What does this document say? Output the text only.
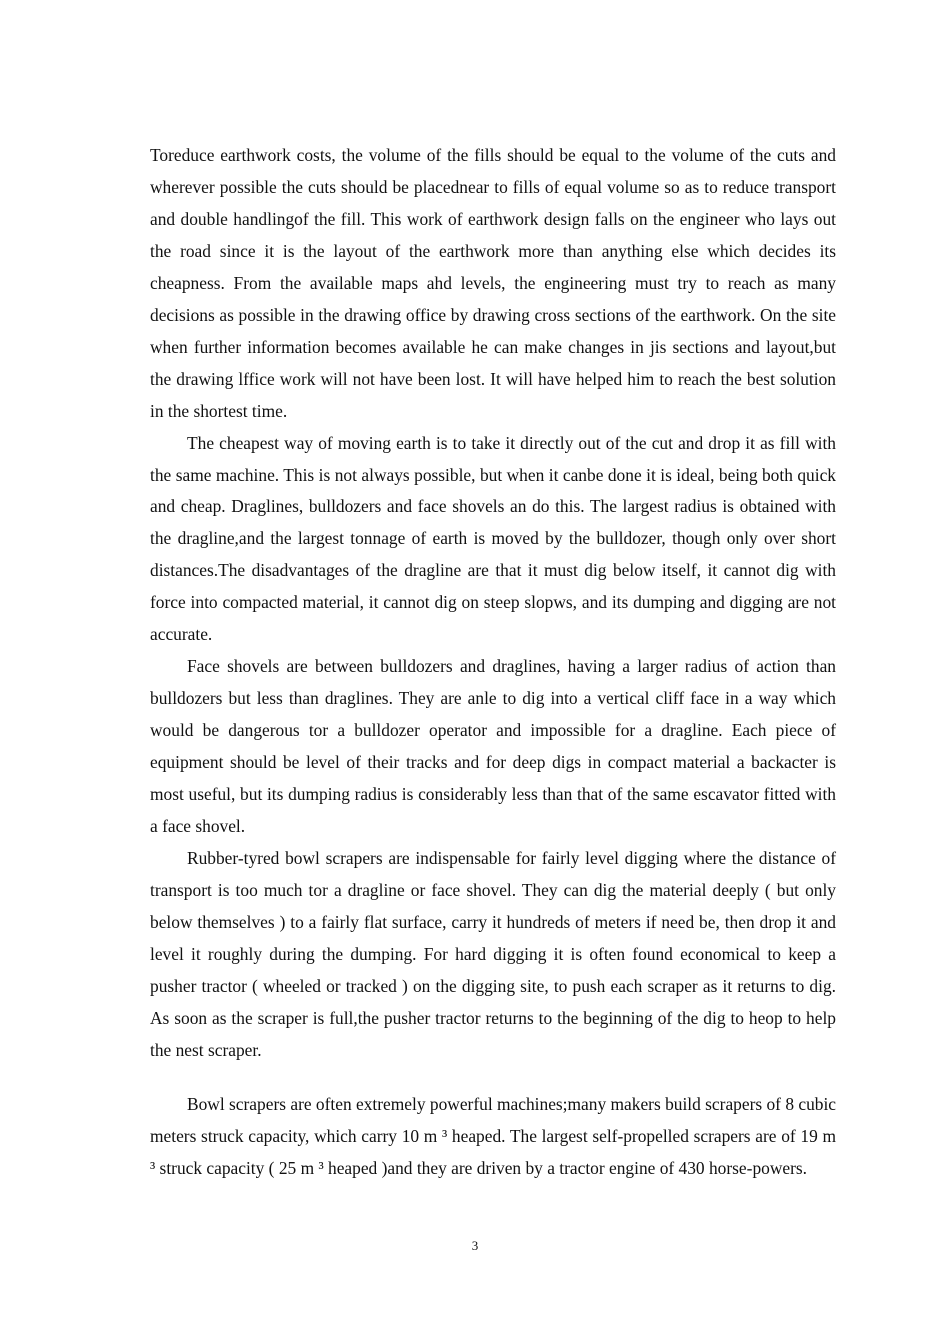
Toreduce earthwork costs, the volume of the fills should be equal to the volume of the cuts and wherever possible the cuts should be placednear to fills of equal volume so as to reduce transport and double handlingof the fill. This work of earthwork design falls on the engineer who lays out the road since it is the layout of the earthwork more than anything else which decides its cheapness. From the available maps ahd levels, the engineering must try to reach as many decisions as possible in the drawing office by drawing cross sections of the earthwork. On the site when further information becomes available he can make changes in jis sections and layout,but the drawing lffice work will not have been lost. It will have helped him to reach the best solution in the shortest time.

The cheapest way of moving earth is to take it directly out of the cut and drop it as fill with the same machine. This is not always possible, but when it canbe done it is ideal, being both quick and cheap. Draglines, bulldozers and face shovels an do this. The largest radius is obtained with the dragline,and the largest tonnage of earth is moved by the bulldozer, though only over short distances.The disadvantages of the dragline are that it must dig below itself, it cannot dig with force into compacted material, it cannot dig on steep slopws, and its dumping and digging are not accurate.

Face shovels are between bulldozers and draglines, having a larger radius of action than bulldozers but less than draglines. They are anle to dig into a vertical cliff face in a way which would be dangerous tor a bulldozer operator and impossible for a dragline. Each piece of equipment should be level of their tracks and for deep digs in compact material a backacter is most useful, but its dumping radius is considerably less than that of the same escavator fitted with a face shovel.

Rubber-tyred bowl scrapers are indispensable for fairly level digging where the distance of transport is too much tor a dragline or face shovel. They can dig the material deeply ( but only below themselves ) to a fairly flat surface, carry it hundreds of meters if need be, then drop it and level it roughly during the dumping. For hard digging it is often found economical to keep a pusher tractor ( wheeled or tracked ) on the digging site, to push each scraper as it returns to dig. As soon as the scraper is full,the pusher tractor returns to the beginning of the dig to heop to help the nest scraper.

Bowl scrapers are often extremely powerful machines;many makers build scrapers of 8 cubic meters struck capacity, which carry 10 m ³ heaped. The largest self-propelled scrapers are of 19 m ³ struck capacity ( 25 m ³ heaped )and they are driven by a tractor engine of 430 horse-powers.

3
